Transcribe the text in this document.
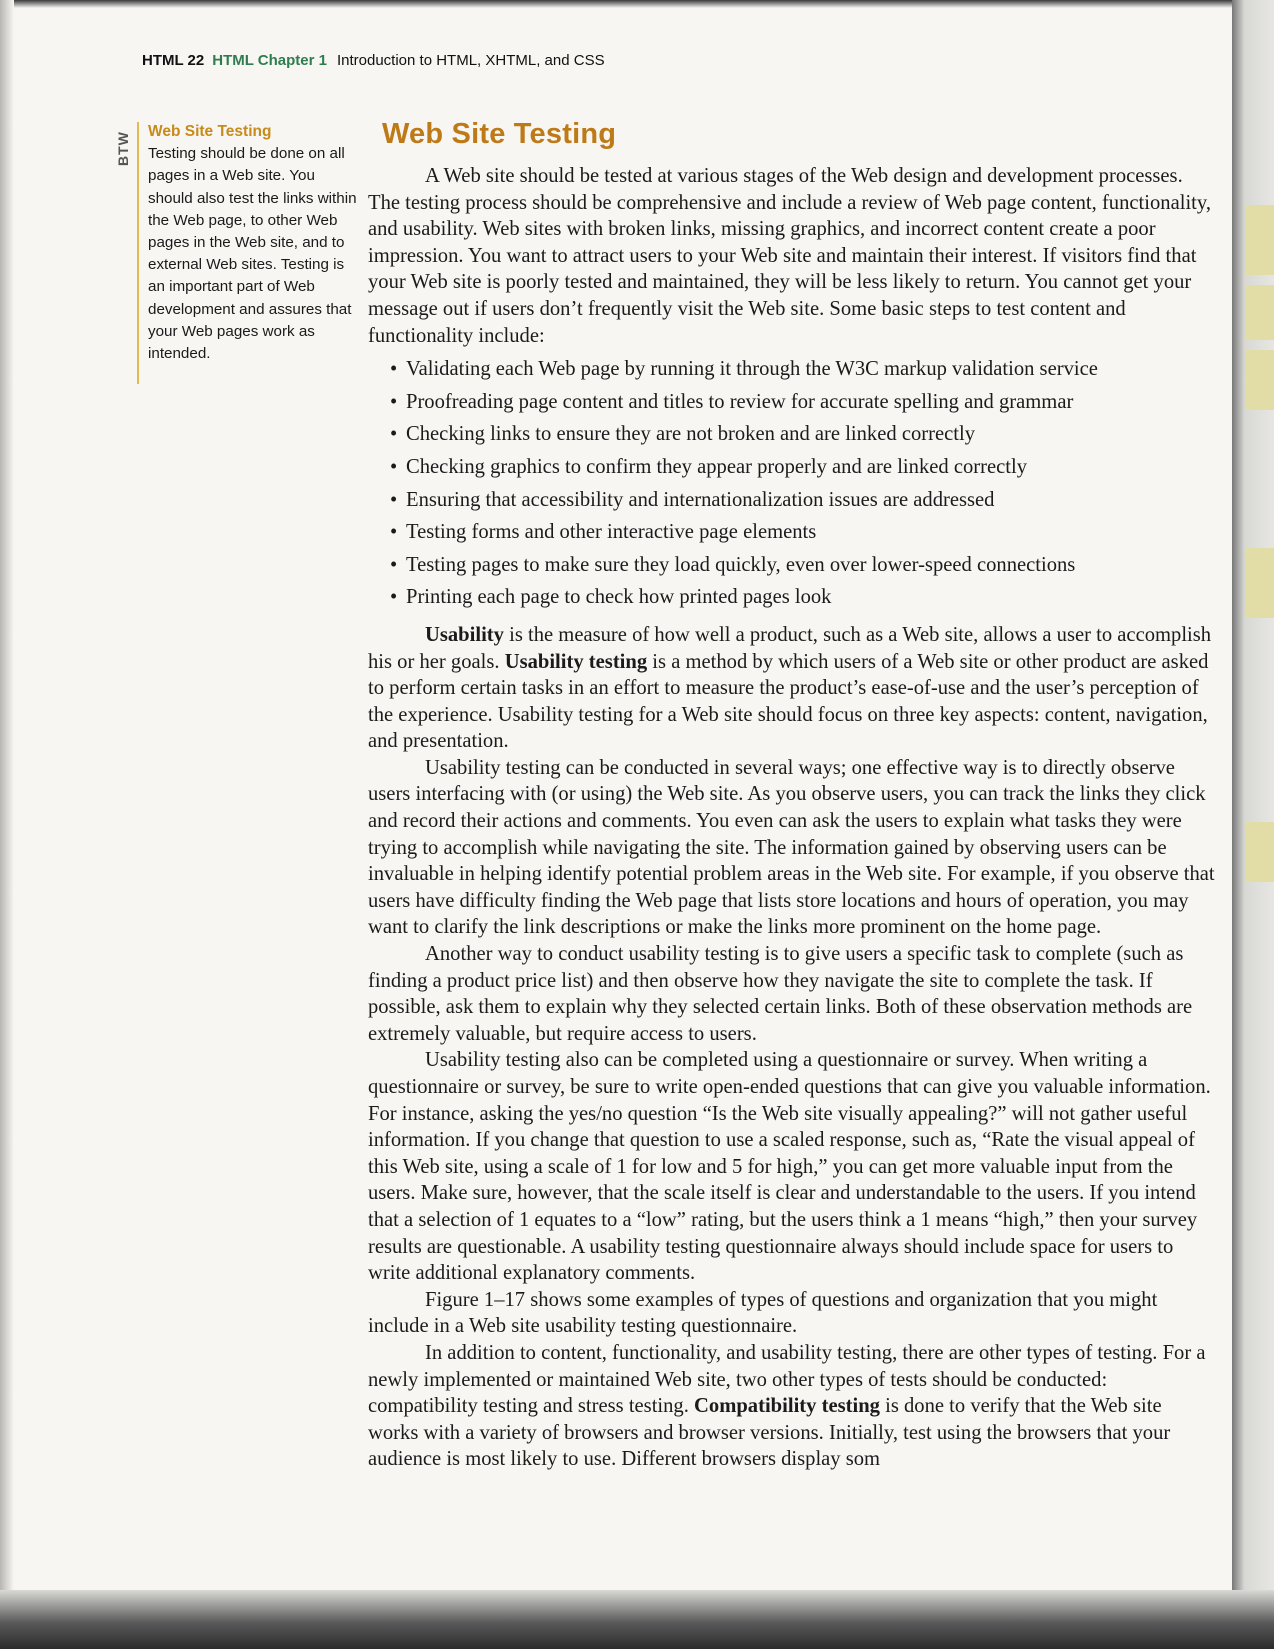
HTML 22 HTML Chapter 1 Introduction to HTML, XHTML, and CSS
BTW
Web Site Testing
Testing should be done on all pages in a Web site. You should also test the links within the Web page, to other Web pages in the Web site, and to external Web sites. Testing is an important part of Web development and assures that your Web pages work as intended.
Web Site Testing

A Web site should be tested at various stages of the Web design and development processes. The testing process should be comprehensive and include a review of Web page content, functionality, and usability. Web sites with broken links, missing graphics, and incorrect content create a poor impression. You want to attract users to your Web site and maintain their interest. If visitors find that your Web site is poorly tested and maintained, they will be less likely to return. You cannot get your message out if users don’t frequently visit the Web site. Some basic steps to test content and functionality include:

• Validating each Web page by running it through the W3C markup validation service
• Proofreading page content and titles to review for accurate spelling and grammar
• Checking links to ensure they are not broken and are linked correctly
• Checking graphics to confirm they appear properly and are linked correctly
• Ensuring that accessibility and internationalization issues are addressed
• Testing forms and other interactive page elements
• Testing pages to make sure they load quickly, even over lower-speed connections
• Printing each page to check how printed pages look

Usability is the measure of how well a product, such as a Web site, allows a user to accomplish his or her goals. Usability testing is a method by which users of a Web site or other product are asked to perform certain tasks in an effort to measure the product’s ease-of-use and the user’s perception of the experience. Usability testing for a Web site should focus on three key aspects: content, navigation, and presentation.

Usability testing can be conducted in several ways; one effective way is to directly observe users interfacing with (or using) the Web site. As you observe users, you can track the links they click and record their actions and comments. You even can ask the users to explain what tasks they were trying to accomplish while navigating the site. The information gained by observing users can be invaluable in helping identify potential problem areas in the Web site. For example, if you observe that users have difficulty finding the Web page that lists store locations and hours of operation, you may want to clarify the link descriptions or make the links more prominent on the home page.

Another way to conduct usability testing is to give users a specific task to complete (such as finding a product price list) and then observe how they navigate the site to complete the task. If possible, ask them to explain why they selected certain links. Both of these observation methods are extremely valuable, but require access to users.

Usability testing also can be completed using a questionnaire or survey. When writing a questionnaire or survey, be sure to write open-ended questions that can give you valuable information. For instance, asking the yes/no question “Is the Web site visually appealing?” will not gather useful information. If you change that question to use a scaled response, such as, “Rate the visual appeal of this Web site, using a scale of 1 for low and 5 for high,” you can get more valuable input from the users. Make sure, however, that the scale itself is clear and understandable to the users. If you intend that a selection of 1 equates to a “low” rating, but the users think a 1 means “high,” then your survey results are questionable. A usability testing questionnaire always should include space for users to write additional explanatory comments.

Figure 1–17 shows some examples of types of questions and organization that you might include in a Web site usability testing questionnaire.

In addition to content, functionality, and usability testing, there are other types of testing. For a newly implemented or maintained Web site, two other types of tests should be conducted: compatibility testing and stress testing. Compatibility testing is done to verify that the Web site works with a variety of browsers and browser versions. Initially, test using the browsers that your audience is most likely to use. Different browsers display som
